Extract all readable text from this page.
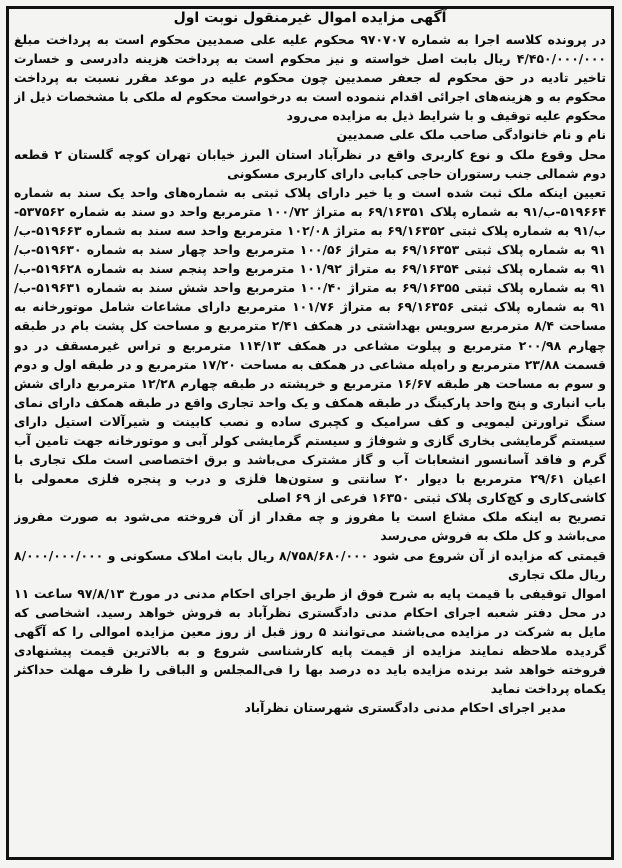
آگهی مزایده اموال غیرمنقول نوبت اول

در پرونده کلاسه اجرا به شماره ۹۷۰۷۰۷ محکوم علیه علی صمدیین محکوم است به پرداخت مبلغ ۴/۴۵۰/۰۰۰/۰۰۰ ریال بابت اصل خواسته و نیز محکوم است به پرداخت هزینه دادرسی و خسارت تاخیر تادیه در حق محکوم له جعفر صمدیین چون محکوم علیه در موعد مقرر نسبت به پرداخت محکوم به و هزینه‌های اجرائی اقدام ننموده است به درخواست محکوم له ملکی با مشخصات ذیل از محکوم علیه توقیف و با شرایط ذیل به مزایده می‌رود

نام و نام خانوادگی صاحب ملک علی صمدیین

محل وقوع ملک و نوع کاربری واقع در نظرآباد استان البرز خیابان تهران کوچه گلستان ۲ قطعه دوم شمالی جنب رستوران حاجی کبابی دارای کاربری مسکونی

تعیین اینکه ملک ثبت شده است و یا خیر دارای پلاک ثبتی به شماره‌های واحد یک سند به شماره ۵۱۹۶۶۴-ب/۹۱ به شماره پلاک ۶۹/۱۶۳۵۱ به متراژ ۱۰۰/۷۲ مترمربع واحد دو سند به شماره ۵۳۷۵۶۲-ب/۹۱ به شماره پلاک ثبتی ۶۹/۱۶۳۵۲ به متراژ ۱۰۲/۰۸ مترمربع واحد سه سند به شماره ۵۱۹۶۶۳-ب/۹۱ به شماره پلاک ثبتی ۶۹/۱۶۳۵۳ به متراژ ۱۰۰/۵۶ مترمربع واحد چهار سند به شماره ۵۱۹۶۳۰-ب/۹۱ به شماره پلاک ثبتی ۶۹/۱۶۳۵۴ به متراژ ۱۰۱/۹۲ مترمربع واحد پنجم سند به شماره ۵۱۹۶۲۸-ب/۹۱ به شماره پلاک ثبتی ۶۹/۱۶۳۵۵ به متراژ ۱۰۰/۴۰ مترمربع واحد شش سند به شماره ۵۱۹۶۳۱-ب/۹۱ به شماره پلاک ثبتی ۶۹/۱۶۳۵۶ به متراژ ۱۰۱/۷۶ مترمربع دارای مشاعات شامل موتورخانه به مساحت ۸/۴ مترمربع سرویس بهداشتی در همکف ۲/۴۱ مترمربع و مساحت کل پشت بام در طبقه چهارم ۲۰۰/۹۸ مترمربع و پیلوت مشاعی در همکف ۱۱۴/۱۳ مترمربع و تراس غیرمسقف در دو قسمت ۲۳/۸۸ مترمربع و راه‌پله مشاعی در همکف به مساحت ۱۷/۲۰ مترمربع و در طبقه اول و دوم و سوم به مساحت هر طبقه ۱۶/۶۷ مترمربع و خرپشته در طبقه چهارم ۱۲/۲۸ مترمربع دارای شش باب انباری و پنج واحد پارکینگ در طبقه همکف و یک واحد تجاری واقع در طبقه همکف دارای نمای سنگ تراورتن لیمویی و کف سرامیک و کچبری ساده و نصب کابینت و شیرآلات استیل دارای سیستم گرمایشی بخاری گازی و شوفاژ و سیستم گرمایشی کولر آبی و موتورخانه جهت تامین آب گرم و فاقد آسانسور انشعابات آب و گاز مشترک می‌باشد و برق اختصاصی است ملک تجاری با اعیان ۲۹/۶۱ مترمربع با دیوار ۲۰ سانتی و ستون‌ها فلزی و درب و پنجره فلزی معمولی با کاشی‌کاری و کچ‌کاری پلاک ثبتی ۱۶۳۵۰ فرعی از ۶۹ اصلی

تصریح به اینکه ملک مشاع است یا مفروز و چه مقدار از آن فروخته می‌شود به صورت مفروز می‌باشد و کل ملک به فروش می‌رسد

قیمتی که مزایده از آن شروع می شود ۸/۷۵۸/۶۸۰/۰۰۰ ریال بابت املاک مسکونی و ۸/۰۰۰/۰۰۰/۰۰۰ ریال ملک تجاری

اموال توقیفی با قیمت پایه به شرح فوق از طریق اجرای احکام مدنی در مورخ ۹۷/۸/۱۳ ساعت ۱۱ در محل دفتر شعبه اجرای احکام مدنی دادگستری نظرآباد به فروش خواهد رسید. اشخاصی که مایل به شرکت در مزایده می‌باشند می‌توانند ۵ روز قبل از روز معین مزایده اموالی را که آگهی گردیده ملاحظه نمایند مزایده از قیمت پایه کارشناسی شروع و به بالاترین قیمت پیشنهادی فروخته خواهد شد برنده مزایده باید ده درصد بها را فی‌المجلس و الباقی را ظرف مهلت حداکثر یکماه پرداخت نماید

مدیر اجرای احکام مدنی دادگستری شهرستان نظرآباد
